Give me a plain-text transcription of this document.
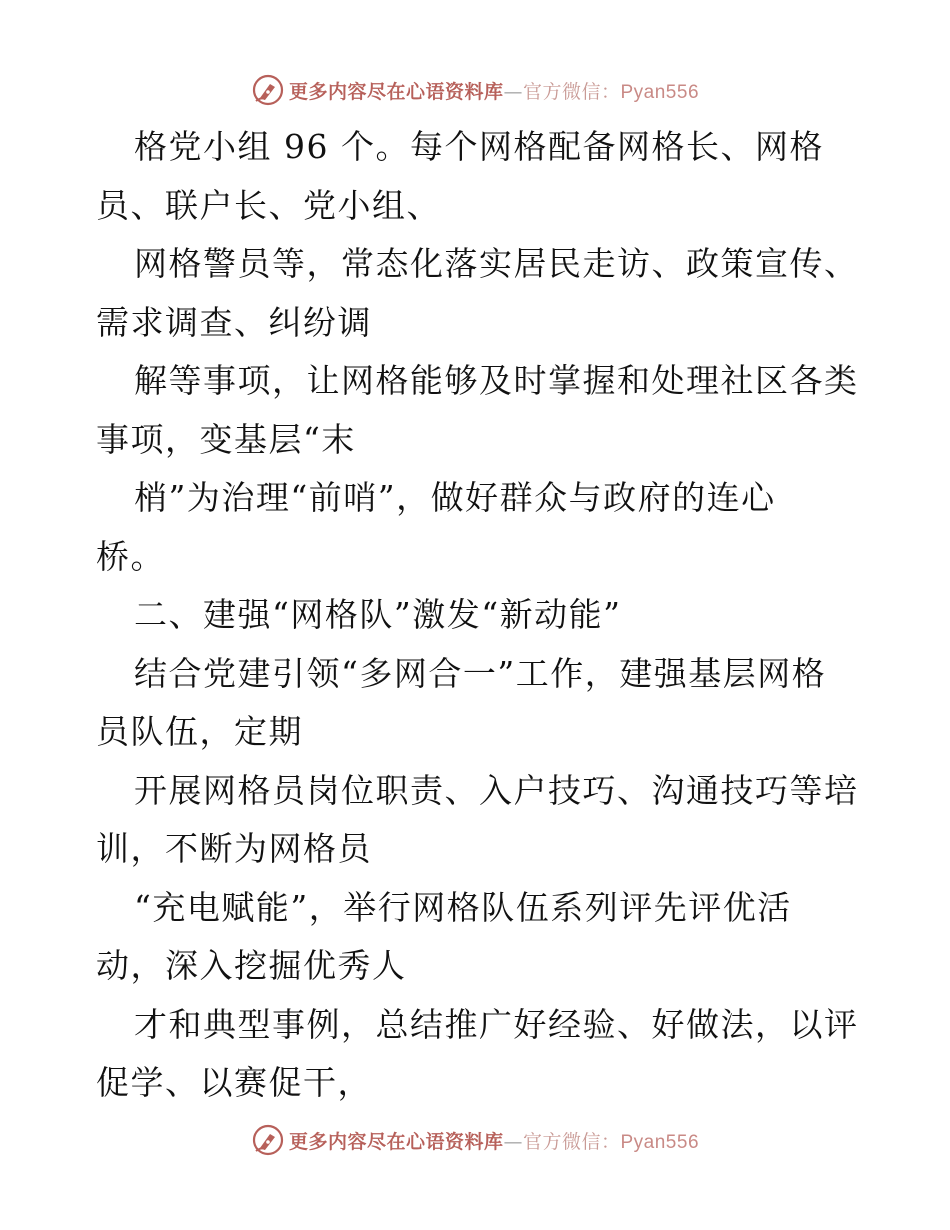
更多内容尽在心语资料库—官方微信：Pyan556
格党小组 96 个。每个网格配备网格长、网格
员、联户长、党小组、
网格警员等，常态化落实居民走访、政策宣传、
需求调查、纠纷调
解等事项，让网格能够及时掌握和处理社区各类
事项，变基层“末
梢”为治理“前哨”，做好群众与政府的连心
桥。
二、建强“网格队”激发“新动能”
结合党建引领“多网合一”工作，建强基层网格
员队伍，定期
开展网格员岗位职责、入户技巧、沟通技巧等培
训，不断为网格员
“充电赋能”，举行网格队伍系列评先评优活
动，深入挖掘优秀人
才和典型事例，总结推广好经验、好做法，以评
促学、以赛促干，
更多内容尽在心语资料库—官方微信：Pyan556
